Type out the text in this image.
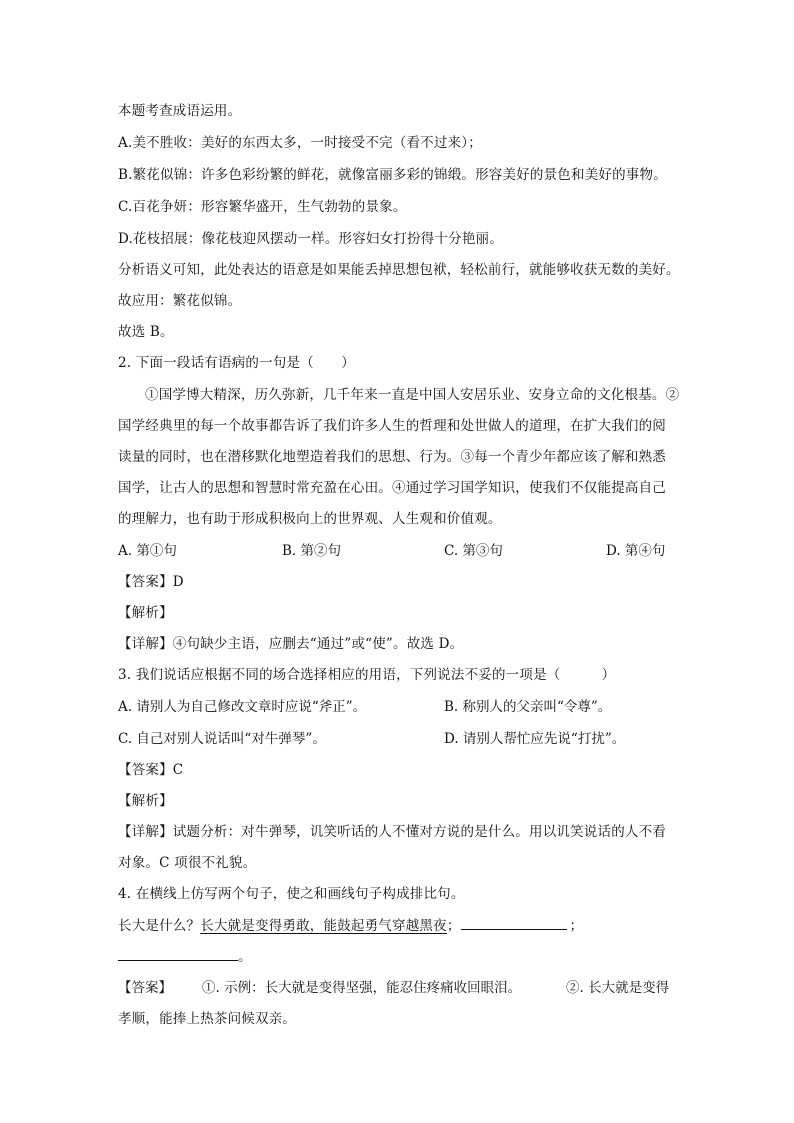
本题考查成语运用。
A.美不胜收：美好的东西太多，一时接受不完（看不过来）；
B.繁花似锦：许多色彩纷繁的鲜花，就像富丽多彩的锦缎。形容美好的景色和美好的事物。
C.百花争妍：形容繁华盛开，生气勃勃的景象。
D.花枝招展：像花枝迎风摆动一样。形容妇女打扮得十分艳丽。
分析语义可知，此处表达的语意是如果能丢掉思想包袱，轻松前行，就能够收获无数的美好。
故应用：繁花似锦。
故选 B。
2. 下面一段话有语病的一句是（　　）
①国学博大精深，历久弥新，几千年来一直是中国人安居乐业、安身立命的文化根基。②
国学经典里的每一个故事都告诉了我们许多人生的哲理和处世做人的道理，在扩大我们的阅
读量的同时，也在潜移默化地塑造着我们的思想、行为。③每一个青少年都应该了解和熟悉
国学，让古人的思想和智慧时常充盈在心田。④通过学习国学知识，使我们不仅能提高自己
的理解力，也有助于形成积极向上的世界观、人生观和价值观。
A. 第①句	B. 第②句	C. 第③句	D. 第④句
【答案】D
【解析】
【详解】④句缺少主语，应删去“通过”或“使”。故选 D。
3. 我们说话应根据不同的场合选择相应的用语，下列说法不妥的一项是（　　　）
A. 请别人为自己修改文章时应说“斧正”。	B. 称别人的父亲叫“令尊”。
C. 自己对别人说话叫“对牛弹琴”。	D. 请别人帮忙应先说“打扰”。
【答案】C
【解析】
【详解】试题分析：对牛弹琴，讥笑听话的人不懂对方说的是什么。用以讥笑说话的人不看
对象。C 项很不礼貌。
4. 在横线上仿写两个句子，使之和画线句子构成排比句。
长大是什么？长大就是变得勇敢，能鼓起勇气穿越黑夜；	；
。
【答案】 ①. 示例：长大就是变得坚强，能忍住疼痛收回眼泪。	②. 长大就是变得
孝顺，能捧上热茶问候双亲。
